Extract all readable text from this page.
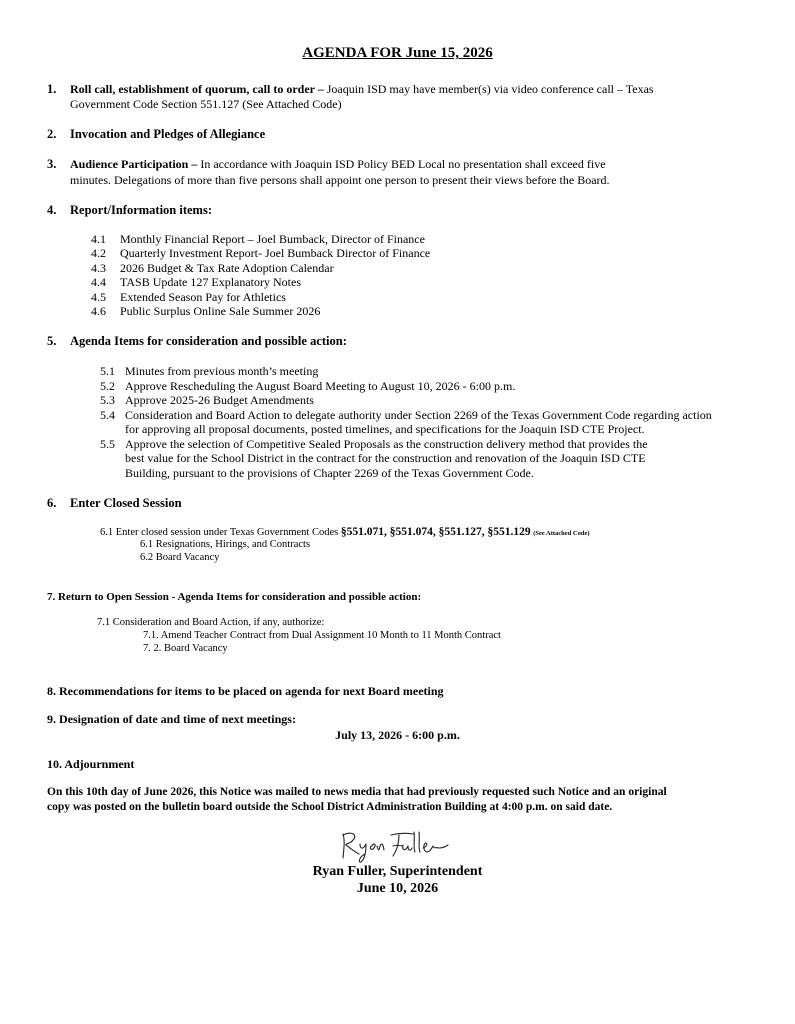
AGENDA FOR June 15, 2026
1. Roll call, establishment of quorum, call to order – Joaquin ISD may have member(s) via video conference call – Texas
Government Code Section 551.127 (See Attached Code)
2. Invocation and Pledges of Allegiance
3. Audience Participation – In accordance with Joaquin ISD Policy BED Local no presentation shall exceed five
minutes. Delegations of more than five persons shall appoint one person to present their views before the Board.
4. Report/Information items:
4.1 Monthly Financial Report – Joel Bumback, Director of Finance
4.2 Quarterly Investment Report- Joel Bumback Director of Finance
4.3 2026 Budget & Tax Rate Adoption Calendar
4.4 TASB Update 127 Explanatory Notes
4.5 Extended Season Pay for Athletics
4.6 Public Surplus Online Sale Summer 2026
5. Agenda Items for consideration and possible action:
5.1 Minutes from previous month’s meeting
5.2 Approve Rescheduling the August Board Meeting to August 10, 2026 - 6:00 p.m.
5.3 Approve 2025-26 Budget Amendments
5.4 Consideration and Board Action to delegate authority under Section 2269 of the Texas Government Code regarding action
for approving all proposal documents, posted timelines, and specifications for the Joaquin ISD CTE Project.
5.5 Approve the selection of Competitive Sealed Proposals as the construction delivery method that provides the
best value for the School District in the contract for the construction and renovation of the Joaquin ISD CTE
Building, pursuant to the provisions of Chapter 2269 of the Texas Government Code.
6. Enter Closed Session
6.1 Enter closed session under Texas Government Codes §551.071, §551.074, §551.127, §551.129 (See Attached Code)
6.1 Resignations, Hirings, and Contracts
6.2 Board Vacancy
7. Return to Open Session - Agenda Items for consideration and possible action:
7.1 Consideration and Board Action, if any, authorize:
7.1. Amend Teacher Contract from Dual Assignment 10 Month to 11 Month Contract
7. 2. Board Vacancy
8. Recommendations for items to be placed on agenda for next Board meeting
9. Designation of date and time of next meetings:
July 13, 2026 - 6:00 p.m.
10. Adjournment
On this 10th day of June 2026, this Notice was mailed to news media that had previously requested such Notice and an original
copy was posted on the bulletin board outside the School District Administration Building at 4:00 p.m. on said date.
Ryan Fuller, Superintendent
June 10, 2026
